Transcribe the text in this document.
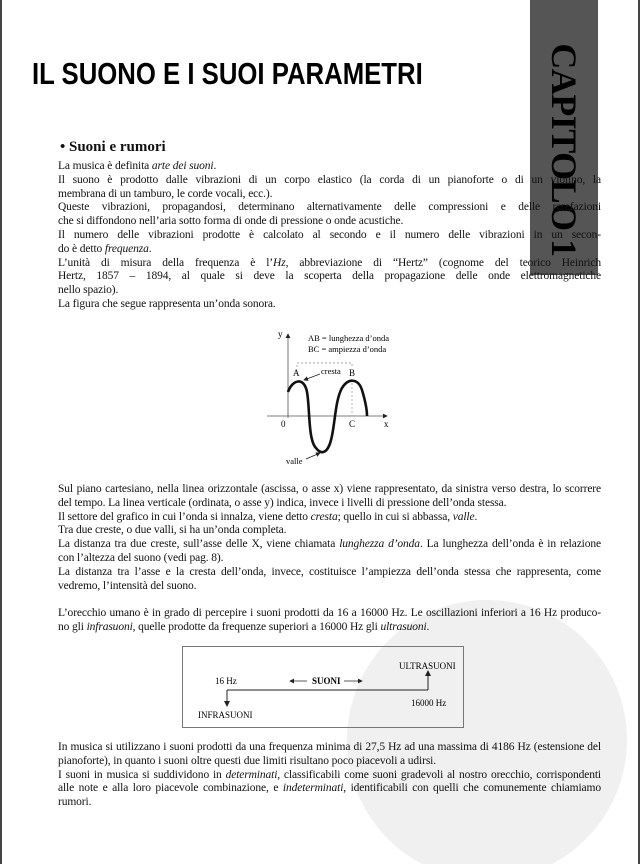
CAPITOLO 1
IL SUONO E I SUOI PARAMETRI
• Suoni e rumori
La musica è definita arte dei suoni.
Il suono è prodotto dalle vibrazioni di un corpo elastico (la corda di un pianoforte o di un violino, la
membrana di un tamburo, le corde vocali, ecc.).
Queste vibrazioni, propagandosi, determinano alternativamente delle compressioni e delle rarefazioni
che si diffondono nell’aria sotto forma di onde di pressione o onde acustiche.
Il numero delle vibrazioni prodotte è calcolato al secondo e il numero delle vibrazioni in un secon-
do è detto frequenza.
L’unità di misura della frequenza è l’Hz, abbreviazione di “Hertz” (cognome del teorico Heinrich
Hertz, 1857 – 1894, al quale si deve la scoperta della propagazione delle onde elettromagnetiche
nello spazio).
La figura che segue rappresenta un’onda sonora.
y
x
0
AB = lunghezza d’onda
BC = ampiezza d’onda
A	B
C
cresta
valle
Sul piano cartesiano, nella linea orizzontale (ascissa, o asse x) viene rappresentato, da sinistra verso destra, lo scorrere
del tempo. La linea verticale (ordinata, o asse y) indica, invece i livelli di pressione dell’onda stessa.
Il settore del grafico in cui l’onda si innalza, viene detto cresta; quello in cui si abbassa, valle.
Tra due creste, o due valli, si ha un’onda completa.
La distanza tra due creste, sull’asse delle X, viene chiamata lunghezza d’onda. La lunghezza dell’onda è in relazione
con l’altezza del suono (vedi pag. 8).
La distanza tra l’asse e la cresta dell’onda, invece, costituisce l’ampiezza dell’onda stessa che rappresenta, come
vedremo, l’intensità del suono.
L’orecchio umano è in grado di percepire i suoni prodotti da 16 a 16000 Hz. Le oscillazioni inferiori a 16 Hz produco-
no gli infrasuoni, quelle prodotte da frequenze superiori a 16000 Hz gli ultrasuoni.
16 Hz	SUONI
ULTRASUONI
16000 Hz
INFRASUONI
In musica si utilizzano i suoni prodotti da una frequenza minima di 27,5 Hz ad una massima di 4186 Hz (estensione del
pianoforte), in quanto i suoni oltre questi due limiti risultano poco piacevoli a udirsi.
I suoni in musica si suddividono in determinati, classificabili come suoni gradevoli al nostro orecchio, corrispondenti
alle note e alla loro piacevole combinazione, e indeterminati, identificabili con quelli che comunemente chiamiamo
rumori.
